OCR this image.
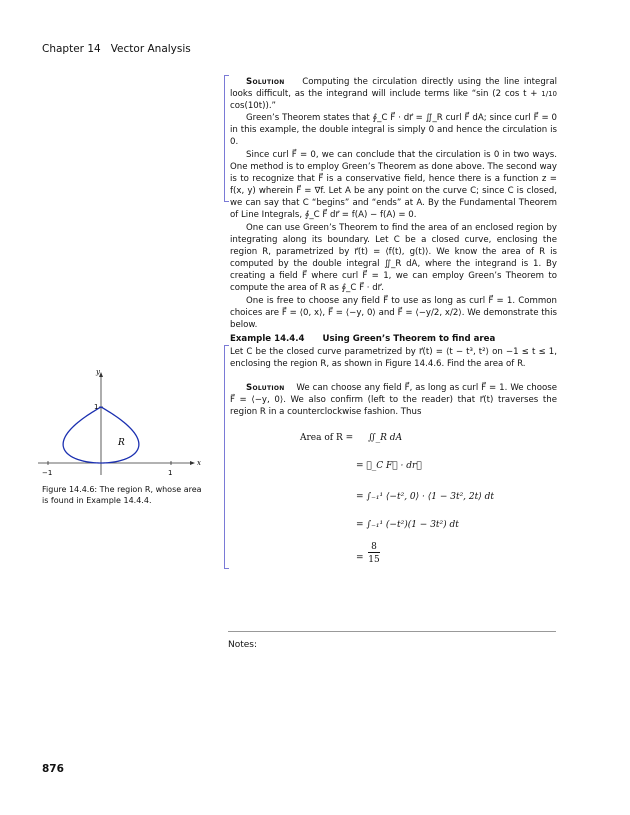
Chapter 14 Vector Analysis

Solution Computing the circulation directly using the line integral looks difficult, as the integrand will include terms like “sin (2 cos t + 1/10 cos(10t)).”

Green’s Theorem states that ∮_C F⃗ · dr⃗ = ∬_R curl F⃗ dA; since curl F⃗ = 0 in this example, the double integral is simply 0 and hence the circulation is 0.

Since curl F⃗ = 0, we can conclude that the circulation is 0 in two ways. One method is to employ Green’s Theorem as done above. The second way is to recognize that F⃗ is a conservative field, hence there is a function z = f(x, y) wherein F⃗ = ∇f. Let A be any point on the curve C; since C is closed, we can say that C “begins” and “ends” at A. By the Fundamental Theorem of Line Integrals, ∮_C F⃗ dr⃗ = f(A) − f(A) = 0.

One can use Green’s Theorem to find the area of an enclosed region by integrating along its boundary. Let C be a closed curve, enclosing the region R, parametrized by r⃗(t) = ⟨f(t), g(t)⟩. We know the area of R is computed by the double integral ∬_R dA, where the integrand is 1. By creating a field F⃗ where curl F⃗ = 1, we can employ Green’s Theorem to compute the area of R as ∮_C F⃗ · dr⃗.

One is free to choose any field F⃗ to use as long as curl F⃗ = 1. Common choices are F⃗ = ⟨0, x⟩, F⃗ = ⟨−y, 0⟩ and F⃗ = ⟨−y/2, x/2⟩. We demonstrate this below.

Example 14.4.4 Using Green’s Theorem to find area
Let C be the closed curve parametrized by r⃗(t) = ⟨t − t³, t²⟩ on −1 ≤ t ≤ 1, enclosing the region R, as shown in Figure 14.4.6. Find the area of R.

Solution We can choose any field F⃗, as long as curl F⃗ = 1. We choose F⃗ = ⟨−y, 0⟩. We also confirm (left to the reader) that r⃗(t) traverses the region R in a counterclockwise fashion. Thus

Area of R = ∬_R dA
= ∮_C F⃗ · dr⃗
= ∫₋₁¹ ⟨−t², 0⟩ · ⟨1 − 3t², 2t⟩ dt
= ∫₋₁¹ (−t²)(1 − 3t²) dt
=
8
15
x
y
−1	1
1
R
Figure 14.4.6: The region R, whose area is found in Example 14.4.4.
Notes:
876
